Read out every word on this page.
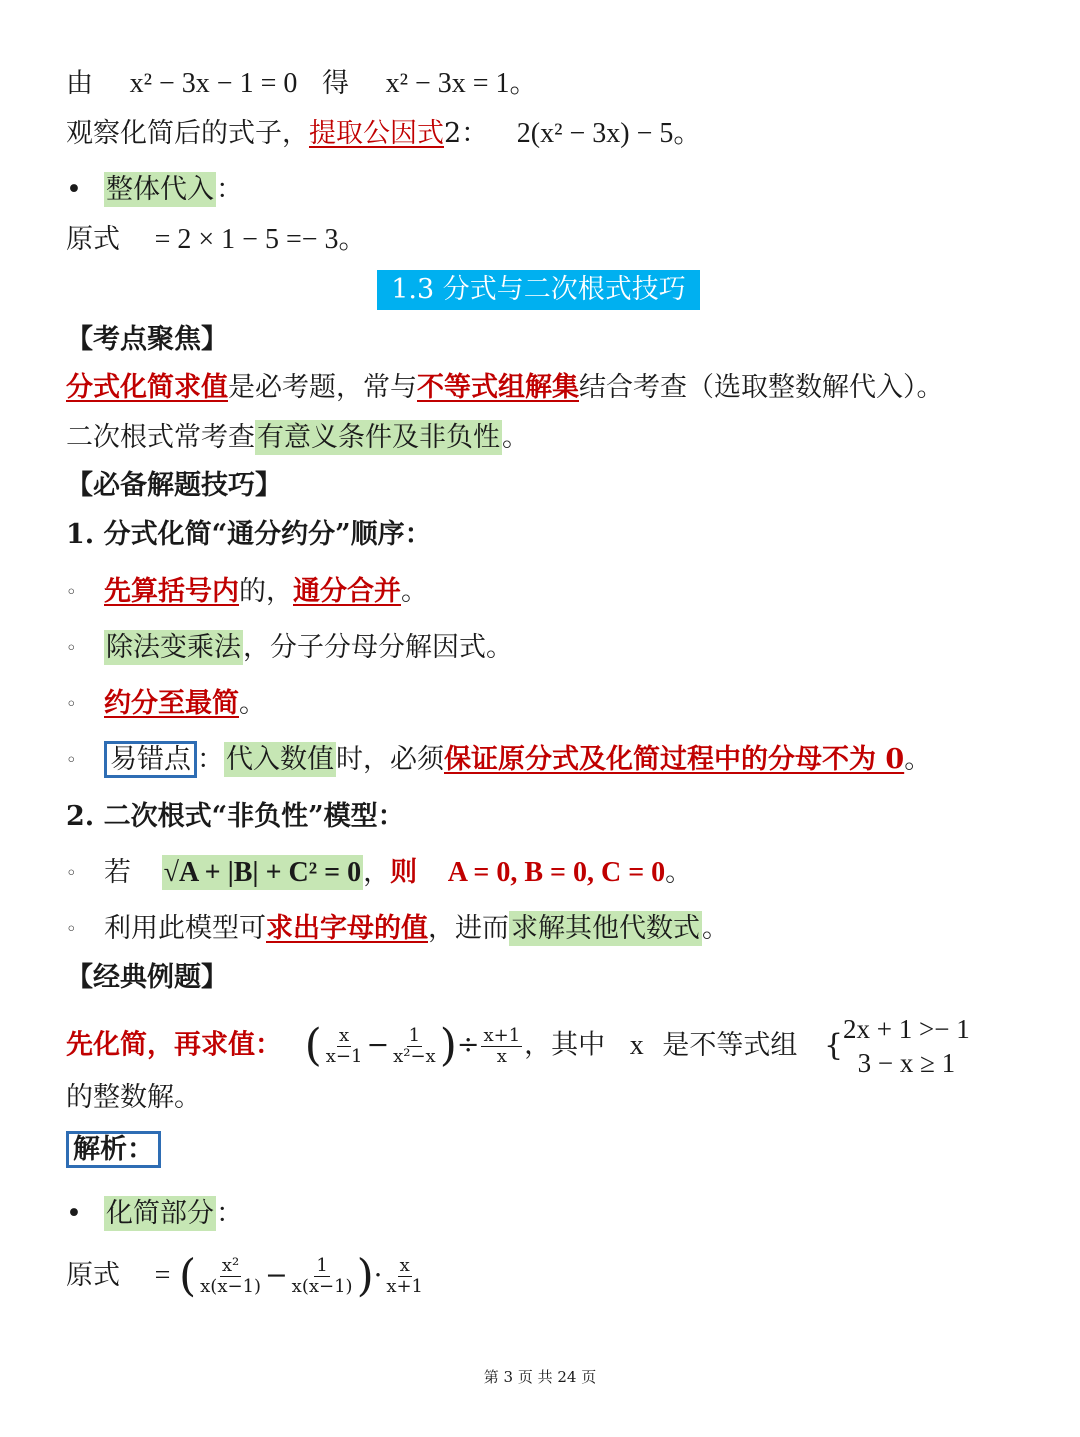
由 x² − 3x − 1 = 0 得 x² − 3x = 1。
观察化简后的式子，提取公因式2： 2(x² − 3x) − 5。
• 整体代入：
原式 = 2 × 1 − 5 =− 3。
1.3 分式与二次根式技巧
【考点聚焦】
分式化简求值是必考题，常与不等式组解集结合考查（选取整数解代入）。
二次根式常考查有意义条件及非负性。
【必备解题技巧】
1. 分式化简“通分约分”顺序：
◦ 先算括号内的，通分合并。
◦ 除法变乘法，分子分母分解因式。
◦ 约分至最简。
◦ 易错点 ：代入数值时，必须保证原分式及化简过程中的分母不为 0。
2. 二次根式“非负性”模型：
◦ 若 √A + |B| + C² = 0，则 A = 0, B = 0, C = 0。
◦ 利用此模型可求出字母的值，进而求解其他代数式。
【经典例题】
先化简，再求值： ( $\frac{x}{x-1} - \frac{1}{\text{x²−x}}$ )÷ $\frac{x+1}{x}$ ，其中 x 是不等式组 { 2x + 1 >− 1
3 − x ≥ 1
的整数解。
解析：
• 化简部分：
原式 = ( $\frac{\text{x²}}{x(x-1)} - \frac{1}{x(x-1)}$ )· $\frac{x}{x+1}$
第 3 页 共 24 页
